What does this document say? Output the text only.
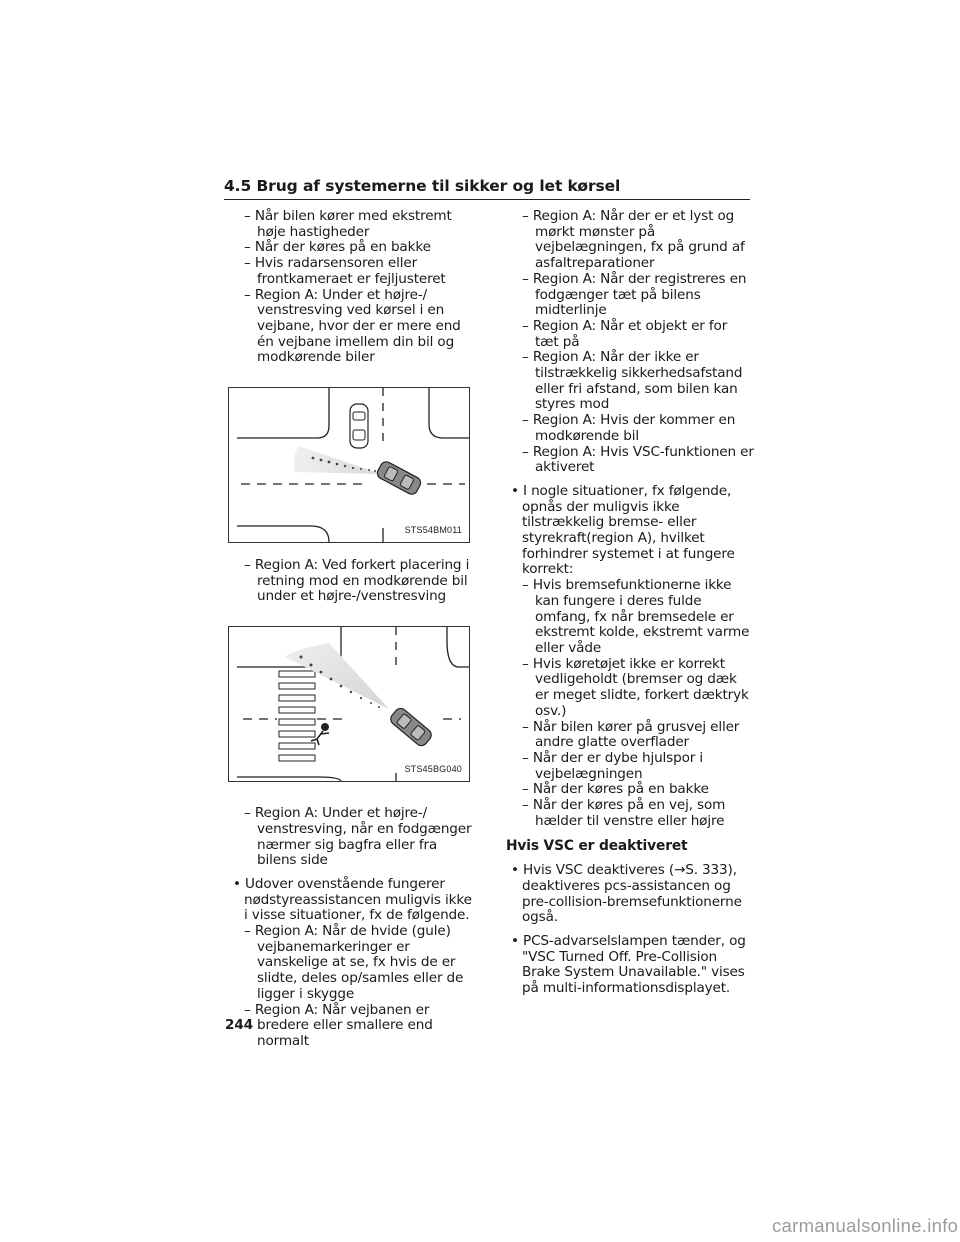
4.5 Brug af systemerne til sikker og let kørsel
– Når bilen kører med ekstremt høje hastigheder
– Når der køres på en bakke
– Hvis radarsensoren eller frontkameraet er fejljusteret
– Region A: Under et højre-/ venstresving ved kørsel i en vejbane, hvor der er mere end én vejbane imellem din bil og modkørende biler
STS54BM011
– Region A: Ved forkert placering i retning mod en modkørende bil under et højre-/venstresving
STS45BG040
– Region A: Under et højre-/ venstresving, når en fodgænger nærmer sig bagfra eller fra bilens side
• Udover ovenstående fungerer nødstyreassistancen muligvis ikke i visse situationer, fx de følgende.
– Region A: Når de hvide (gule) vejbanemarkeringer er vanskelige at se, fx hvis de er slidte, deles op/samles eller de ligger i skygge
– Region A: Når vejbanen er bredere eller smallere end normalt
– Region A: Når der er et lyst og mørkt mønster på vejbelægningen, fx på grund af asfaltreparationer
– Region A: Når der registreres en fodgænger tæt på bilens midterlinje
– Region A: Når et objekt er for tæt på
– Region A: Når der ikke er tilstrækkelig sikkerhedsafstand eller fri afstand, som bilen kan styres mod
– Region A: Hvis der kommer en modkørende bil
– Region A: Hvis VSC-funktionen er aktiveret
• I nogle situationer, fx følgende, opnås der muligvis ikke tilstrækkelig bremse- eller styrekraft(region A), hvilket forhindrer systemet i at fungere korrekt:
– Hvis bremsefunktionerne ikke kan fungere i deres fulde omfang, fx når bremsedele er ekstremt kolde, ekstremt varme eller våde
– Hvis køretøjet ikke er korrekt vedligeholdt (bremser og dæk er meget slidte, forkert dæktryk osv.)
– Når bilen kører på grusvej eller andre glatte overflader
– Når der er dybe hjulspor i vejbelægningen
– Når der køres på en bakke
– Når der køres på en vej, som hælder til venstre eller højre
Hvis VSC er deaktiveret
• Hvis VSC deaktiveres (→S. 333), deaktiveres pcs-assistancen og pre-collision-bremsefunktionerne også.
• PCS-advarselslampen tænder, og "VSC Turned Off. Pre-Collision Brake System Unavailable." vises på multi-informationsdisplayet.
244
carmanualsonline.info
